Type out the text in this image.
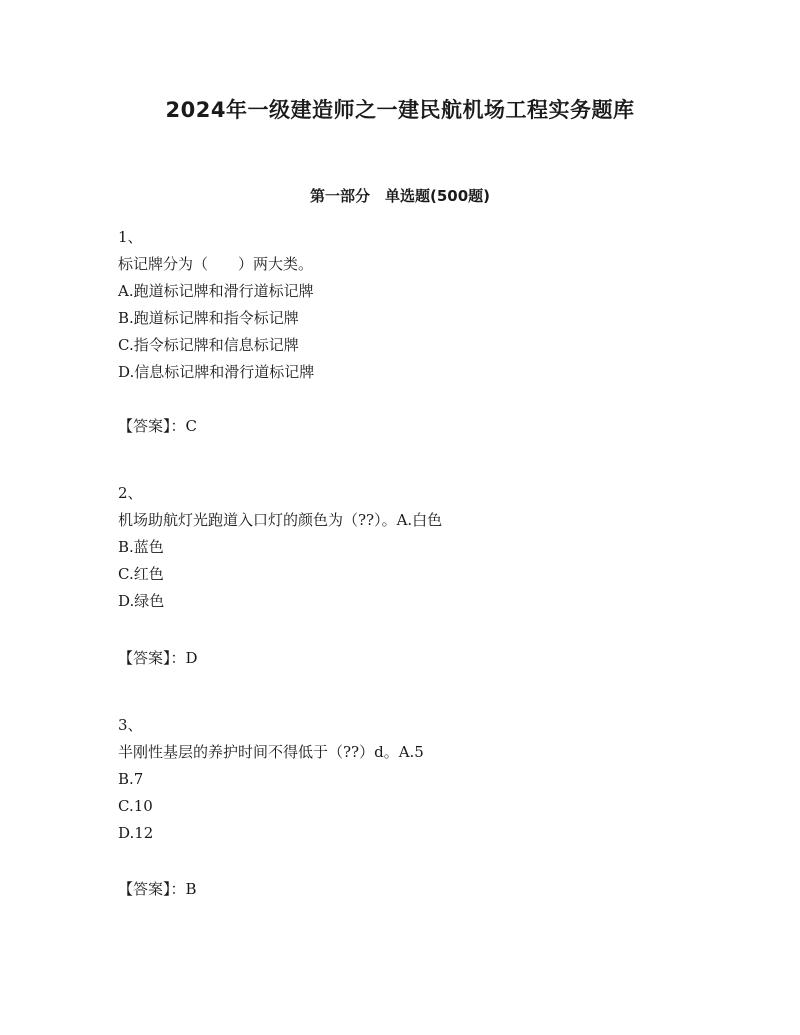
2024年一级建造师之一建民航机场工程实务题库
第一部分　单选题(500题)
1、
标记牌分为（　　）两大类。
A.跑道标记牌和滑行道标记牌
B.跑道标记牌和指令标记牌
C.指令标记牌和信息标记牌
D.信息标记牌和滑行道标记牌
【答案】：C
2、
机场助航灯光跑道入口灯的颜色为（??）。A.白色
B.蓝色
C.红色
D.绿色
【答案】：D
3、
半刚性基层的养护时间不得低于（??）d。A.5
B.7
C.10
D.12
【答案】：B
